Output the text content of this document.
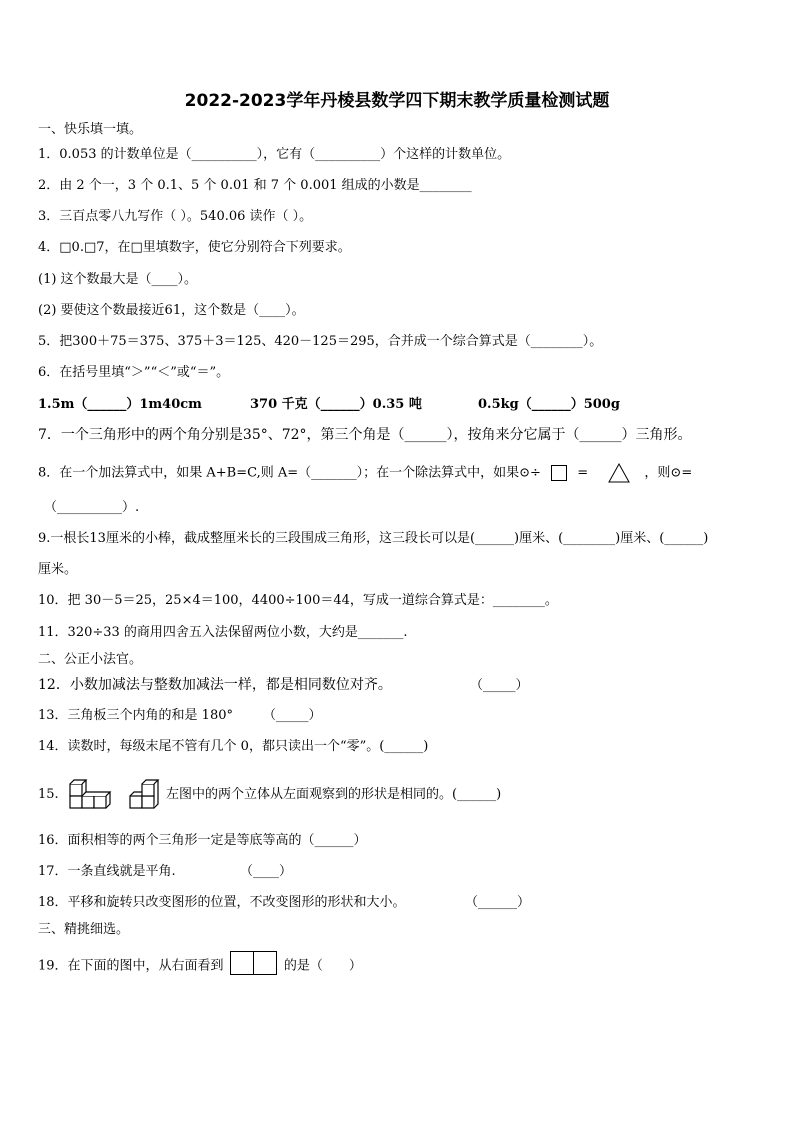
2022-2023学年丹棱县数学四下期末教学质量检测试题
一、快乐填一填。
1．0.053 的计数单位是（__________），它有（__________）个这样的计数单位。
2．由 2 个一，3 个 0.1、5 个 0.01 和 7 个 0.001 组成的小数是________
3．三百点零八九写作（ ）。540.06 读作（ ）。
4．□0.□7，在□里填数字，使它分别符合下列要求。
(1) 这个数最大是（____）。
(2) 要使这个数最接近61，这个数是（____）。
5．把300＋75＝375、375＋3＝125、420－125＝295，合并成一个综合算式是（________）。
6．在括号里填“＞”“＜”或“＝”。
1.5m（______）1m40cm	370 千克（______）0.35 吨	0.5kg（______）500g
7．一个三角形中的两个角分别是35°、72°，第三个角是（______），按角来分它属于（______）三角形。
8．在一个加法算式中，如果 A+B=C,则 A=（_______）；在一个除法算式中，如果⊙÷	=	，则⊙=
（__________）.
9.一根长13厘米的小棒，截成整厘米长的三段围成三角形，这三段长可以是(______)厘米、(________)厘米、(______)
厘米。
10．把 30－5＝25，25×4＝100，4400÷100＝44，写成一道综合算式是：________。
11．320÷33 的商用四舍五入法保留两位小数，大约是_______.
二、公正小法官。
12．小数加减法与整数加减法一样，都是相同数位对齐。	（_____）
13．三角板三个内角的和是 180° （_____）
14．读数时，每级末尾不管有几个 0，都只读出一个“零”。(______)
15.	左图中的两个立体从左面观察到的形状是相同的。(______)
16．面积相等的两个三角形一定是等底等高的（______）
17．一条直线就是平角.	（____）
18．平移和旋转只改变图形的位置，不改变图形的形状和大小。	（______）
三、精挑细选。
19．在下面的图中，从右面看到	的是（　　）
